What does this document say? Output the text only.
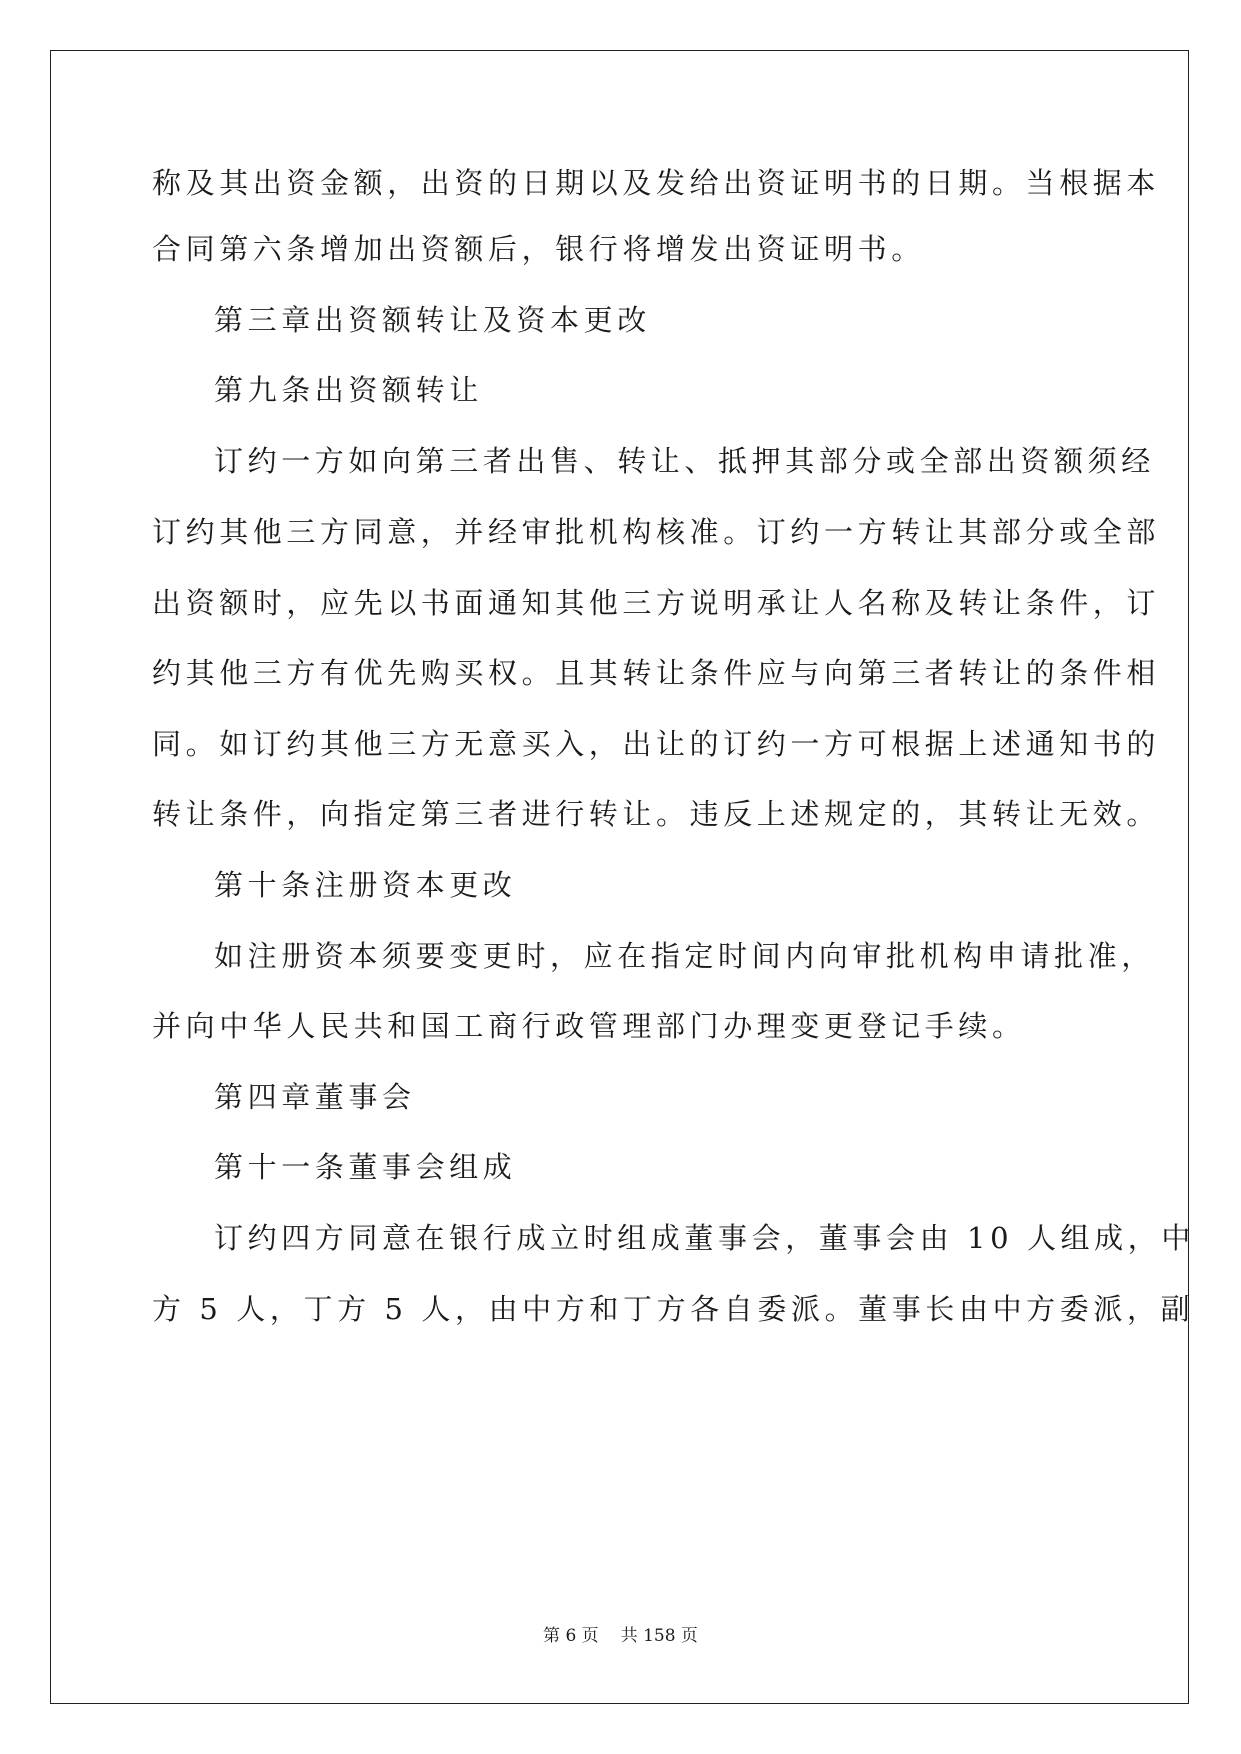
称及其出资金额，出资的日期以及发给出资证明书的日期。当根据本
合同第六条增加出资额后，银行将增发出资证明书。
第三章出资额转让及资本更改
第九条出资额转让
订约一方如向第三者出售、转让、抵押其部分或全部出资额须经
订约其他三方同意，并经审批机构核准。订约一方转让其部分或全部
出资额时，应先以书面通知其他三方说明承让人名称及转让条件，订
约其他三方有优先购买权。且其转让条件应与向第三者转让的条件相
同。如订约其他三方无意买入，出让的订约一方可根据上述通知书的
转让条件，向指定第三者进行转让。违反上述规定的，其转让无效。
第十条注册资本更改
如注册资本须要变更时，应在指定时间内向审批机构申请批准，
并向中华人民共和国工商行政管理部门办理变更登记手续。
第四章董事会
第十一条董事会组成
订约四方同意在银行成立时组成董事会，董事会由 10 人组成，中
方 5 人，丁方 5 人，由中方和丁方各自委派。董事长由中方委派，副
第 6 页 共 158 页
